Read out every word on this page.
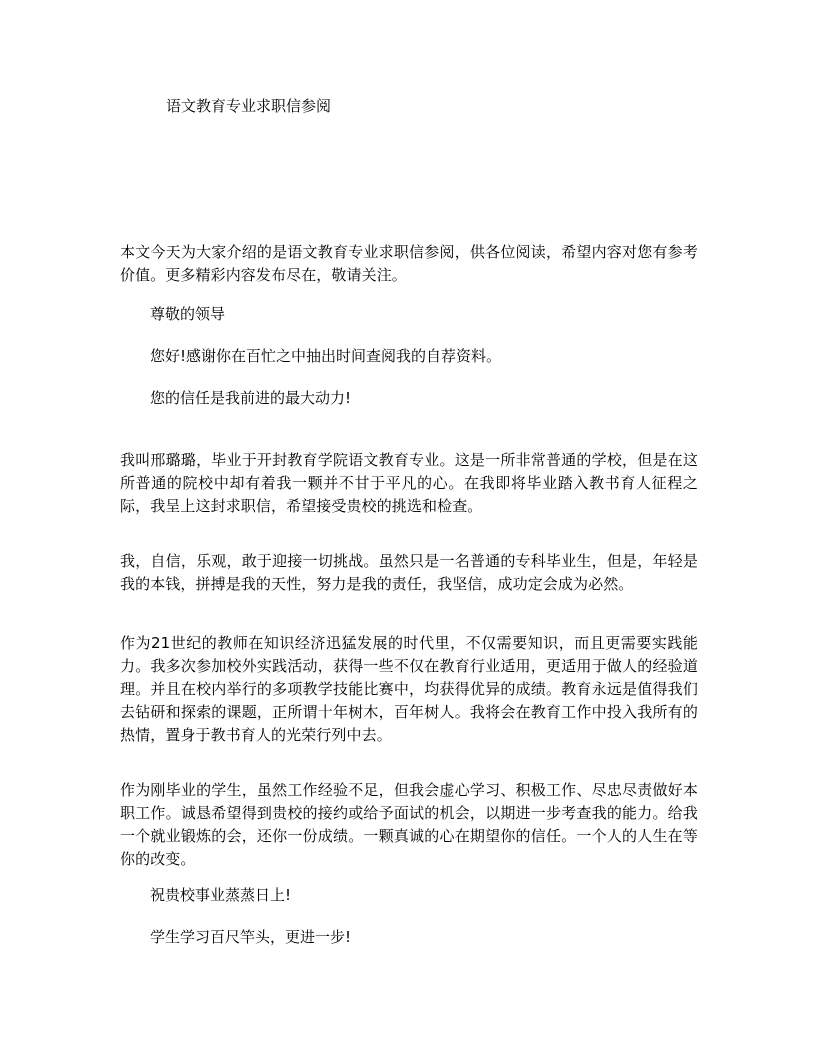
语文教育专业求职信参阅
本文今天为大家介绍的是语文教育专业求职信参阅，供各位阅读，希望内容对您有参考价值。更多精彩内容发布尽在，敬请关注。
尊敬的领导
您好!感谢你在百忙之中抽出时间查阅我的自荐资料。
您的信任是我前进的最大动力!
我叫邢璐璐，毕业于开封教育学院语文教育专业。这是一所非常普通的学校，但是在这所普通的院校中却有着我一颗并不甘于平凡的心。在我即将毕业踏入教书育人征程之际，我呈上这封求职信，希望接受贵校的挑选和检查。
我，自信，乐观，敢于迎接一切挑战。虽然只是一名普通的专科毕业生，但是，年轻是我的本钱，拼搏是我的天性，努力是我的责任，我坚信，成功定会成为必然。
作为21世纪的教师在知识经济迅猛发展的时代里，不仅需要知识，而且更需要实践能力。我多次参加校外实践活动，获得一些不仅在教育行业适用，更适用于做人的经验道理。并且在校内举行的多项教学技能比赛中，均获得优异的成绩。教育永远是值得我们去钻研和探索的课题，正所谓十年树木，百年树人。我将会在教育工作中投入我所有的热情，置身于教书育人的光荣行列中去。
作为刚毕业的学生，虽然工作经验不足，但我会虚心学习、积极工作、尽忠尽责做好本职工作。诚恳希望得到贵校的接约或给予面试的机会，以期进一步考查我的能力。给我一个就业锻炼的会，还你一份成绩。一颗真诚的心在期望你的信任。一个人的人生在等你的改变。
祝贵校事业蒸蒸日上!
学生学习百尺竿头，更进一步!
